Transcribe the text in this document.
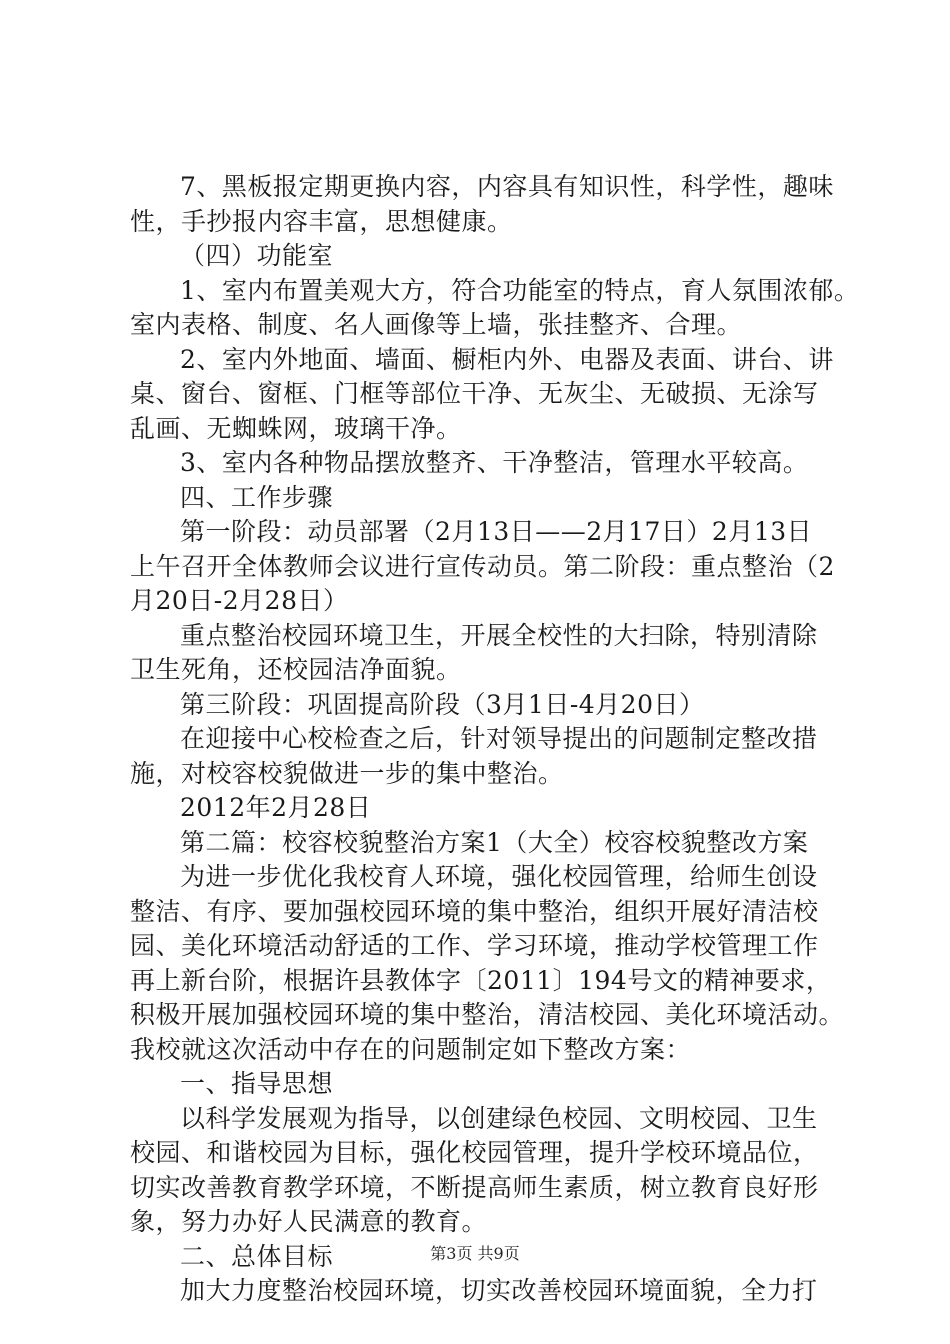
7、黑板报定期更换内容，内容具有知识性，科学性，趣味
性，手抄报内容丰富，思想健康。
（四）功能室
1、室内布置美观大方，符合功能室的特点，育人氛围浓郁。
室内表格、制度、名人画像等上墙，张挂整齐、合理。
2、室内外地面、墙面、橱柜内外、电器及表面、讲台、讲
桌、窗台、窗框、门框等部位干净、无灰尘、无破损、无涂写
乱画、无蜘蛛网，玻璃干净。
3、室内各种物品摆放整齐、干净整洁，管理水平较高。
四、工作步骤
第一阶段：动员部署（2月13日——2月17日）2月13日
上午召开全体教师会议进行宣传动员。第二阶段：重点整治（2
月20日-2月28日）
重点整治校园环境卫生，开展全校性的大扫除，特别清除
卫生死角，还校园洁净面貌。
第三阶段：巩固提高阶段（3月1日-4月20日）
在迎接中心校检查之后，针对领导提出的问题制定整改措
施，对校容校貌做进一步的集中整治。
2012年2月28日
第二篇：校容校貌整治方案1（大全）校容校貌整改方案
为进一步优化我校育人环境，强化校园管理，给师生创设
整洁、有序、要加强校园环境的集中整治，组织开展好清洁校
园、美化环境活动舒适的工作、学习环境，推动学校管理工作
再上新台阶，根据许县教体字〔2011〕194号文的精神要求，
积极开展加强校园环境的集中整治，清洁校园、美化环境活动。
我校就这次活动中存在的问题制定如下整改方案：
一、指导思想
以科学发展观为指导，以创建绿色校园、文明校园、卫生
校园、和谐校园为目标，强化校园管理，提升学校环境品位，
切实改善教育教学环境，不断提高师生素质，树立教育良好形
象，努力办好人民满意的教育。
二、总体目标
加大力度整治校园环境，切实改善校园环境面貌，全力打
第3页 共9页
